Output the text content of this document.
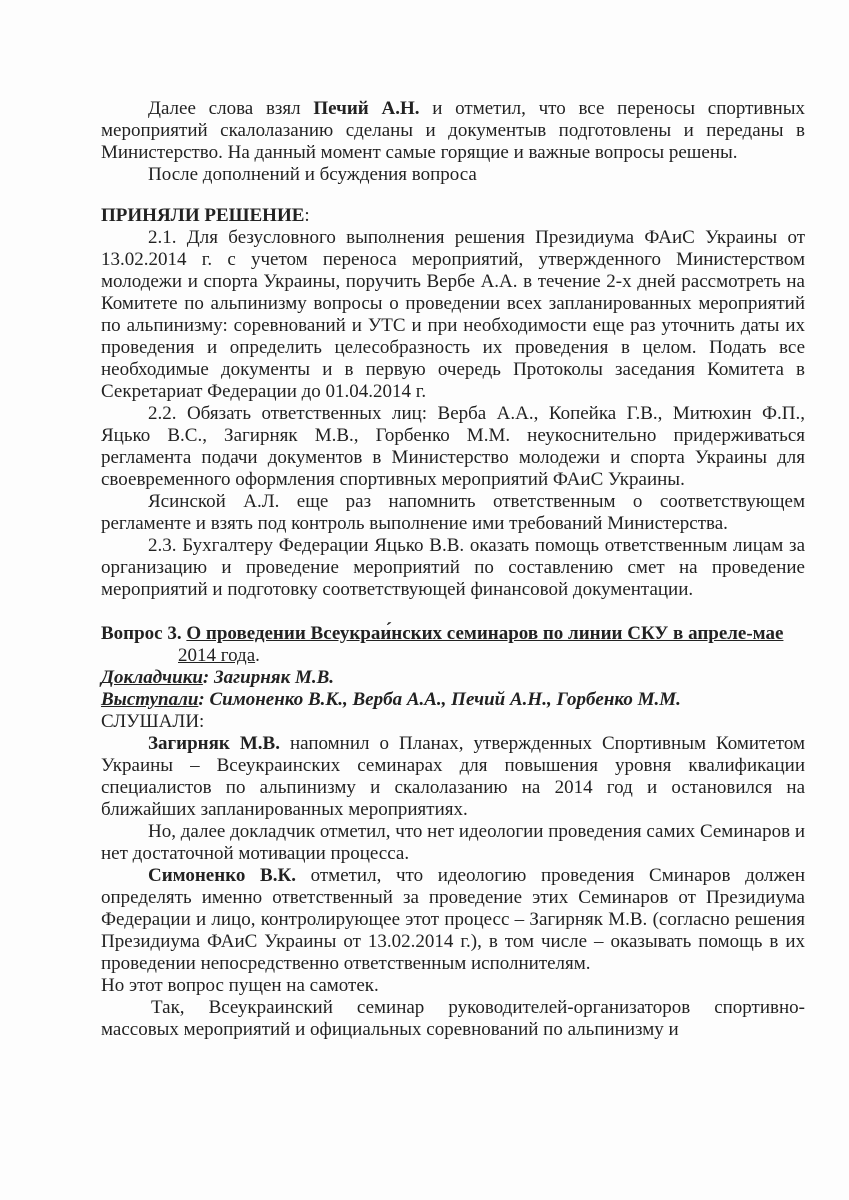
Далее слова взял Печий А.Н. и отметил, что все переносы спортивных мероприятий скалолазанию сделаны и документыв подготовлены и переданы в Министерство. На данный момент самые горящие и важные вопросы решены.

После дополнений и бсуждения вопроса

ПРИНЯЛИ РЕШЕНИЕ:

2.1. Для безусловного выполнения решения Президиума ФАиС Украины от 13.02.2014 г. с учетом переноса мероприятий, утвержденного Министерством молодежи и спорта Украины, поручить Вербе А.А. в течение 2-х дней рассмотреть на Комитете по альпинизму вопросы о проведении всех запланированных мероприятий по альпинизму: соревнований и УТС и при необходимости еще раз уточнить даты их проведения и определить целесобразность их проведения в целом. Подать все необходимые документы и в первую очередь Протоколы заседания Комитета в Секретариат Федерации до 01.04.2014 г.

2.2. Обязать ответственных лиц: Верба А.А., Копейка Г.В., Митюхин Ф.П., Яцько В.С., Загирняк М.В., Горбенко М.М. неукоснительно придерживаться регламента подачи документов в Министерство молодежи и спорта Украины для своевременного оформления спортивных мероприятий ФАиС Украины.

Ясинской А.Л. еще раз напомнить ответственным о соответствующем регламенте и взять под контроль выполнение ими требований Министерства.

2.3. Бухгалтеру Федерации Яцько В.В. оказать помощь ответственным лицам за организацию и проведение мероприятий по составлению смет на проведение мероприятий и подготовку соответствующей финансовой документации.

Вопрос 3. О проведении Всеукраи́нских семинаров по линии СКУ в апреле-мае

2014 года.

Докладчики: Загирняк М.В.

Выступали: Симоненко В.К., Верба А.А., Печий А.Н., Горбенко М.М.

СЛУШАЛИ:

Загирняк М.В. напомнил о Планах, утвержденных Спортивным Комитетом Украины – Всеукраинских семинарах для повышения уровня квалификации специалистов по альпинизму и скалолазанию на 2014 год и остановился на ближайших запланированных мероприятиях.

Но, далее докладчик отметил, что нет идеологии проведения самих Семинаров и нет достаточной мотивации процесса.

Симоненко В.К. отметил, что идеологию проведения Сминаров должен определять именно ответственный за проведение этих Семинаров от Президиума Федерации и лицо, контролирующее этот процесс – Загирняк М.В. (согласно решения Президиума ФАиС Украины от 13.02.2014 г.), в том числе – оказывать помощь в их проведении непосредственно ответственным исполнителям.

Но этот вопрос пущен на самотек.

Так, Всеукраинский семинар руководителей-организаторов спортивно-массовых мероприятий и официальных соревнований по альпинизму и
